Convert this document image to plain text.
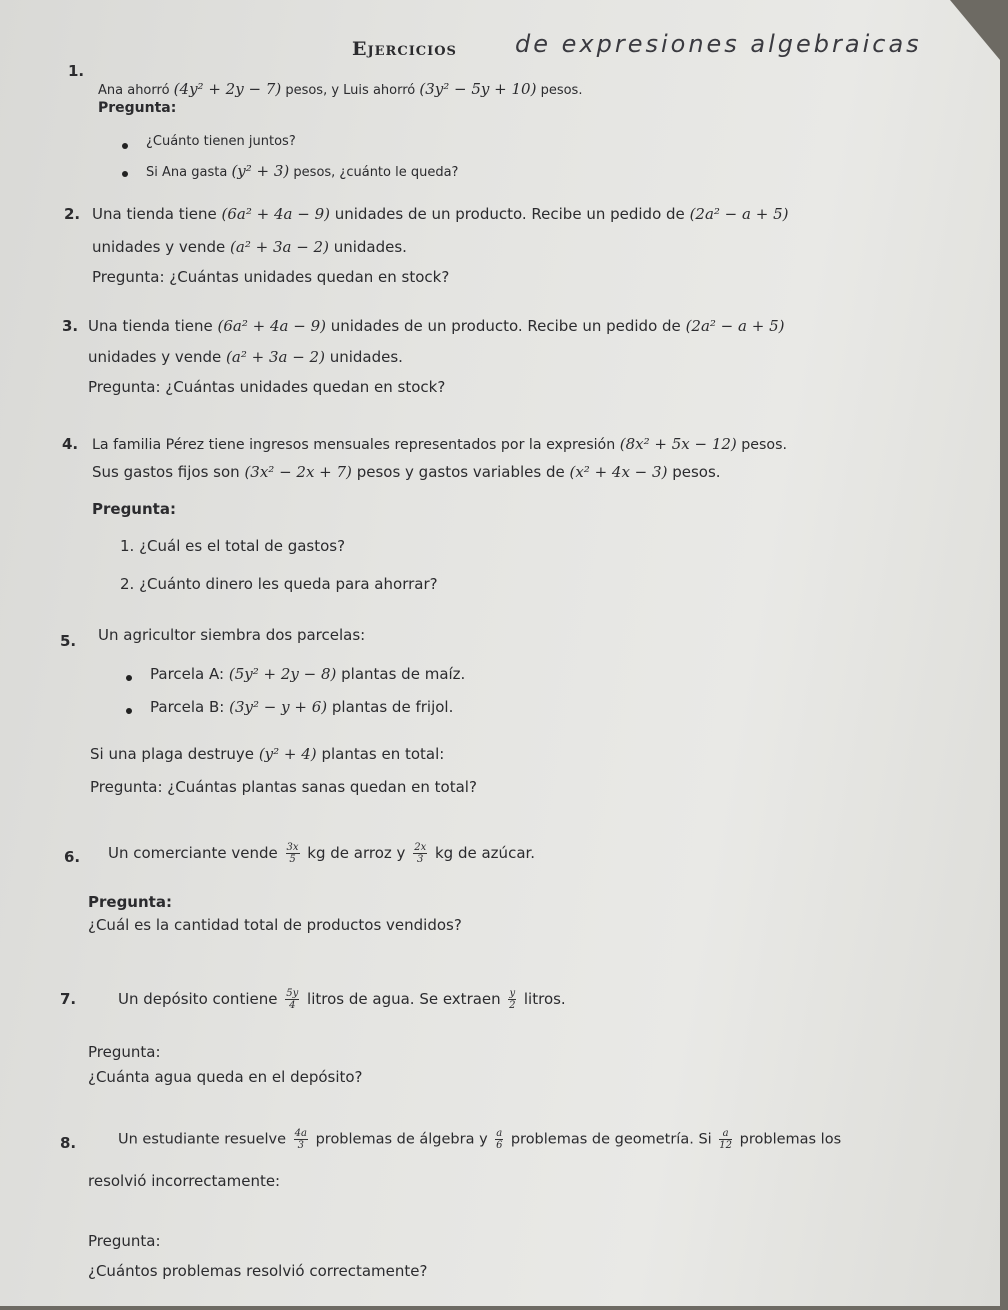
Ejercicios de expresiones algebraicas
1.
Ana ahorró (4y² + 2y − 7) pesos, y Luis ahorró (3y² − 5y + 10) pesos.
Pregunta:
¿Cuánto tienen juntos?
Si Ana gasta (y² + 3) pesos, ¿cuánto le queda?
2. Una tienda tiene (6a² + 4a − 9) unidades de un producto. Recibe un pedido de (2a² − a + 5)
unidades y vende (a² + 3a − 2) unidades.
Pregunta: ¿Cuántas unidades quedan en stock?
3. Una tienda tiene (6a² + 4a − 9) unidades de un producto. Recibe un pedido de (2a² − a + 5)
unidades y vende (a² + 3a − 2) unidades.
Pregunta: ¿Cuántas unidades quedan en stock?
4. La familia Pérez tiene ingresos mensuales representados por la expresión (8x² + 5x − 12) pesos.
Sus gastos fijos son (3x² − 2x + 7) pesos y gastos variables de (x² + 4x − 3) pesos.
Pregunta:
1. ¿Cuál es el total de gastos?
2. ¿Cuánto dinero les queda para ahorrar?
5. Un agricultor siembra dos parcelas:
Parcela A: (5y² + 2y − 8) plantas de maíz.
Parcela B: (3y² − y + 6) plantas de frijol.
Si una plaga destruye (y² + 4) plantas en total:
Pregunta: ¿Cuántas plantas sanas quedan en total?
6. Un comerciante vende $\frac{3x}{5}$ kg de arroz y $\frac{2x}{3}$ kg de azúcar.
Pregunta:
¿Cuál es la cantidad total de productos vendidos?
7.	Un depósito contiene $\frac{5y}{4}$ litros de agua. Se extraen $\frac{y}{2}$ litros.
Pregunta:
¿Cuánta agua queda en el depósito?
8.	Un estudiante resuelve $\frac{4a}{3}$ problemas de álgebra y $\frac{a}{6}$ problemas de geometría. Si $\frac{a}{12}$ problemas los
resolvió incorrectamente:
Pregunta:
¿Cuántos problemas resolvió correctamente?
